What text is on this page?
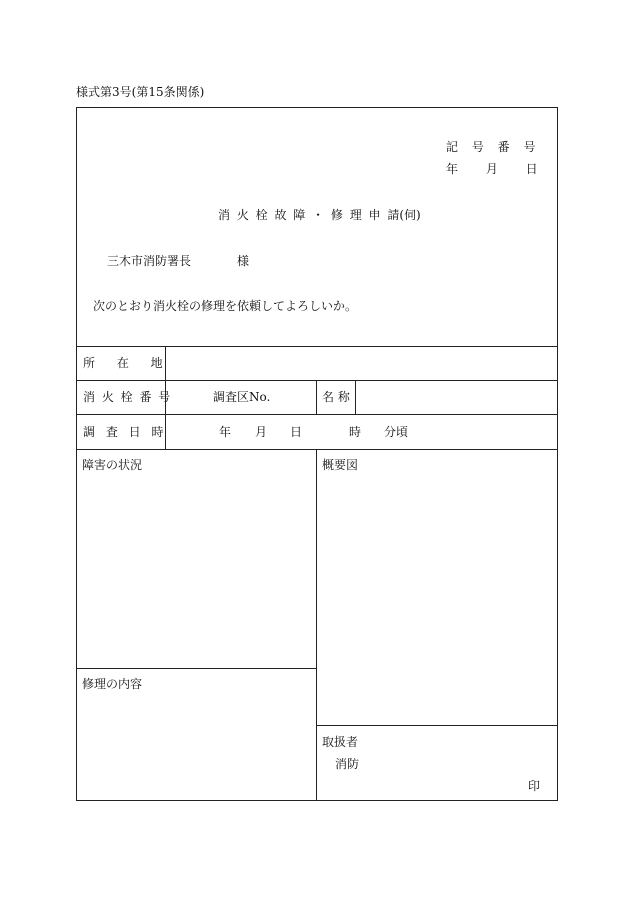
様式第3号(第15条関係)
記 号 番 号
年 月 日
消 火 栓 故 障 ・ 修 理 申 請(伺)
三木市消防署長	様
次のとおり消火栓の修理を依頼してよろしいか。
所 在 地
消 火 栓 番 号	調査区No.	名 称
調 査 日 時	年 月 日	時 分頃
障害の状況	概要図
修理の内容
取扱者
消防
印
